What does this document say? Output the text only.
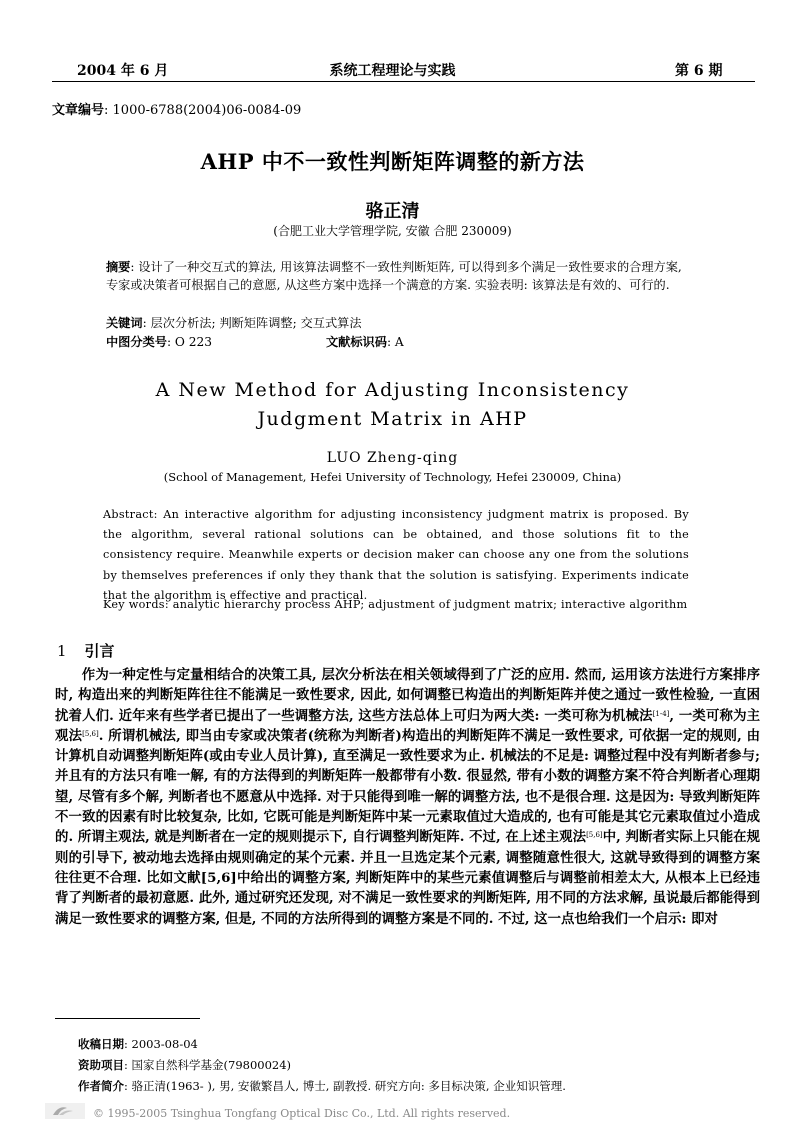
2004 年 6 月	系统工程理论与实践	第 6 期
文章编号: 1000-6788(2004)06-0084-09
AHP 中不一致性判断矩阵调整的新方法
骆正清
(合肥工业大学管理学院, 安徽 合肥 230009)
摘要: 设计了一种交互式的算法, 用该算法调整不一致性判断矩阵, 可以得到多个满足一致性要求的合理方案, 专家或决策者可根据自己的意愿, 从这些方案中选择一个满意的方案. 实验表明: 该算法是有效的、可行的.
关键词: 层次分析法; 判断矩阵调整; 交互式算法
中图分类号: O 223	文献标识码: A
A New Method for Adjusting Inconsistency
Judgment Matrix in AHP
LUO Zheng-qing
(School of Management, Hefei University of Technology, Hefei 230009, China)
Abstract: An interactive algorithm for adjusting inconsistency judgment matrix is proposed. By the algorithm, several rational solutions can be obtained, and those solutions fit to the consistency require. Meanwhile experts or decision maker can choose any one from the solutions by themselves preferences if only they thank that the solution is satisfying. Experiments indicate that the algorithm is effective and practical.
Key words: analytic hierarchy process AHP; adjustment of judgment matrix; interactive algorithm
1 引言

作为一种定性与定量相结合的决策工具, 层次分析法在相关领域得到了广泛的应用. 然而, 运用该方法进行方案排序时, 构造出来的判断矩阵往往不能满足一致性要求, 因此, 如何调整已构造出的判断矩阵并使之通过一致性检验, 一直困扰着人们. 近年来有些学者已提出了一些调整方法, 这些方法总体上可归为两大类: 一类可称为机械法[1-4], 一类可称为主观法[5,6]. 所谓机械法, 即当由专家或决策者(统称为判断者)构造出的判断矩阵不满足一致性要求, 可依据一定的规则, 由计算机自动调整判断矩阵(或由专业人员计算), 直至满足一致性要求为止. 机械法的不足是: 调整过程中没有判断者参与; 并且有的方法只有唯一解, 有的方法得到的判断矩阵一般都带有小数. 很显然, 带有小数的调整方案不符合判断者心理期望, 尽管有多个解, 判断者也不愿意从中选择. 对于只能得到唯一解的调整方法, 也不是很合理. 这是因为: 导致判断矩阵不一致的因素有时比较复杂, 比如, 它既可能是判断矩阵中某一元素取值过大造成的, 也有可能是其它元素取值过小造成的. 所谓主观法, 就是判断者在一定的规则提示下, 自行调整判断矩阵. 不过, 在上述主观法[5,6]中, 判断者实际上只能在规则的引导下, 被动地去选择由规则确定的某个元素. 并且一旦选定某个元素, 调整随意性很大, 这就导致得到的调整方案往往更不合理. 比如文献[5,6]中给出的调整方案, 判断矩阵中的某些元素值调整后与调整前相差太大, 从根本上已经违背了判断者的最初意愿. 此外, 通过研究还发现, 对不满足一致性要求的判断矩阵, 用不同的方法求解, 虽说最后都能得到满足一致性要求的调整方案, 但是, 不同的方法所得到的调整方案是不同的. 不过, 这一点也给我们一个启示: 即对

收稿日期: 2003-08-04
资助项目: 国家自然科学基金(79800024)
作者简介: 骆正清(1963- ), 男, 安徽繁昌人, 博士, 副教授. 研究方向: 多目标决策, 企业知识管理.
© 1995-2005 Tsinghua Tongfang Optical Disc Co., Ltd. All rights reserved.
